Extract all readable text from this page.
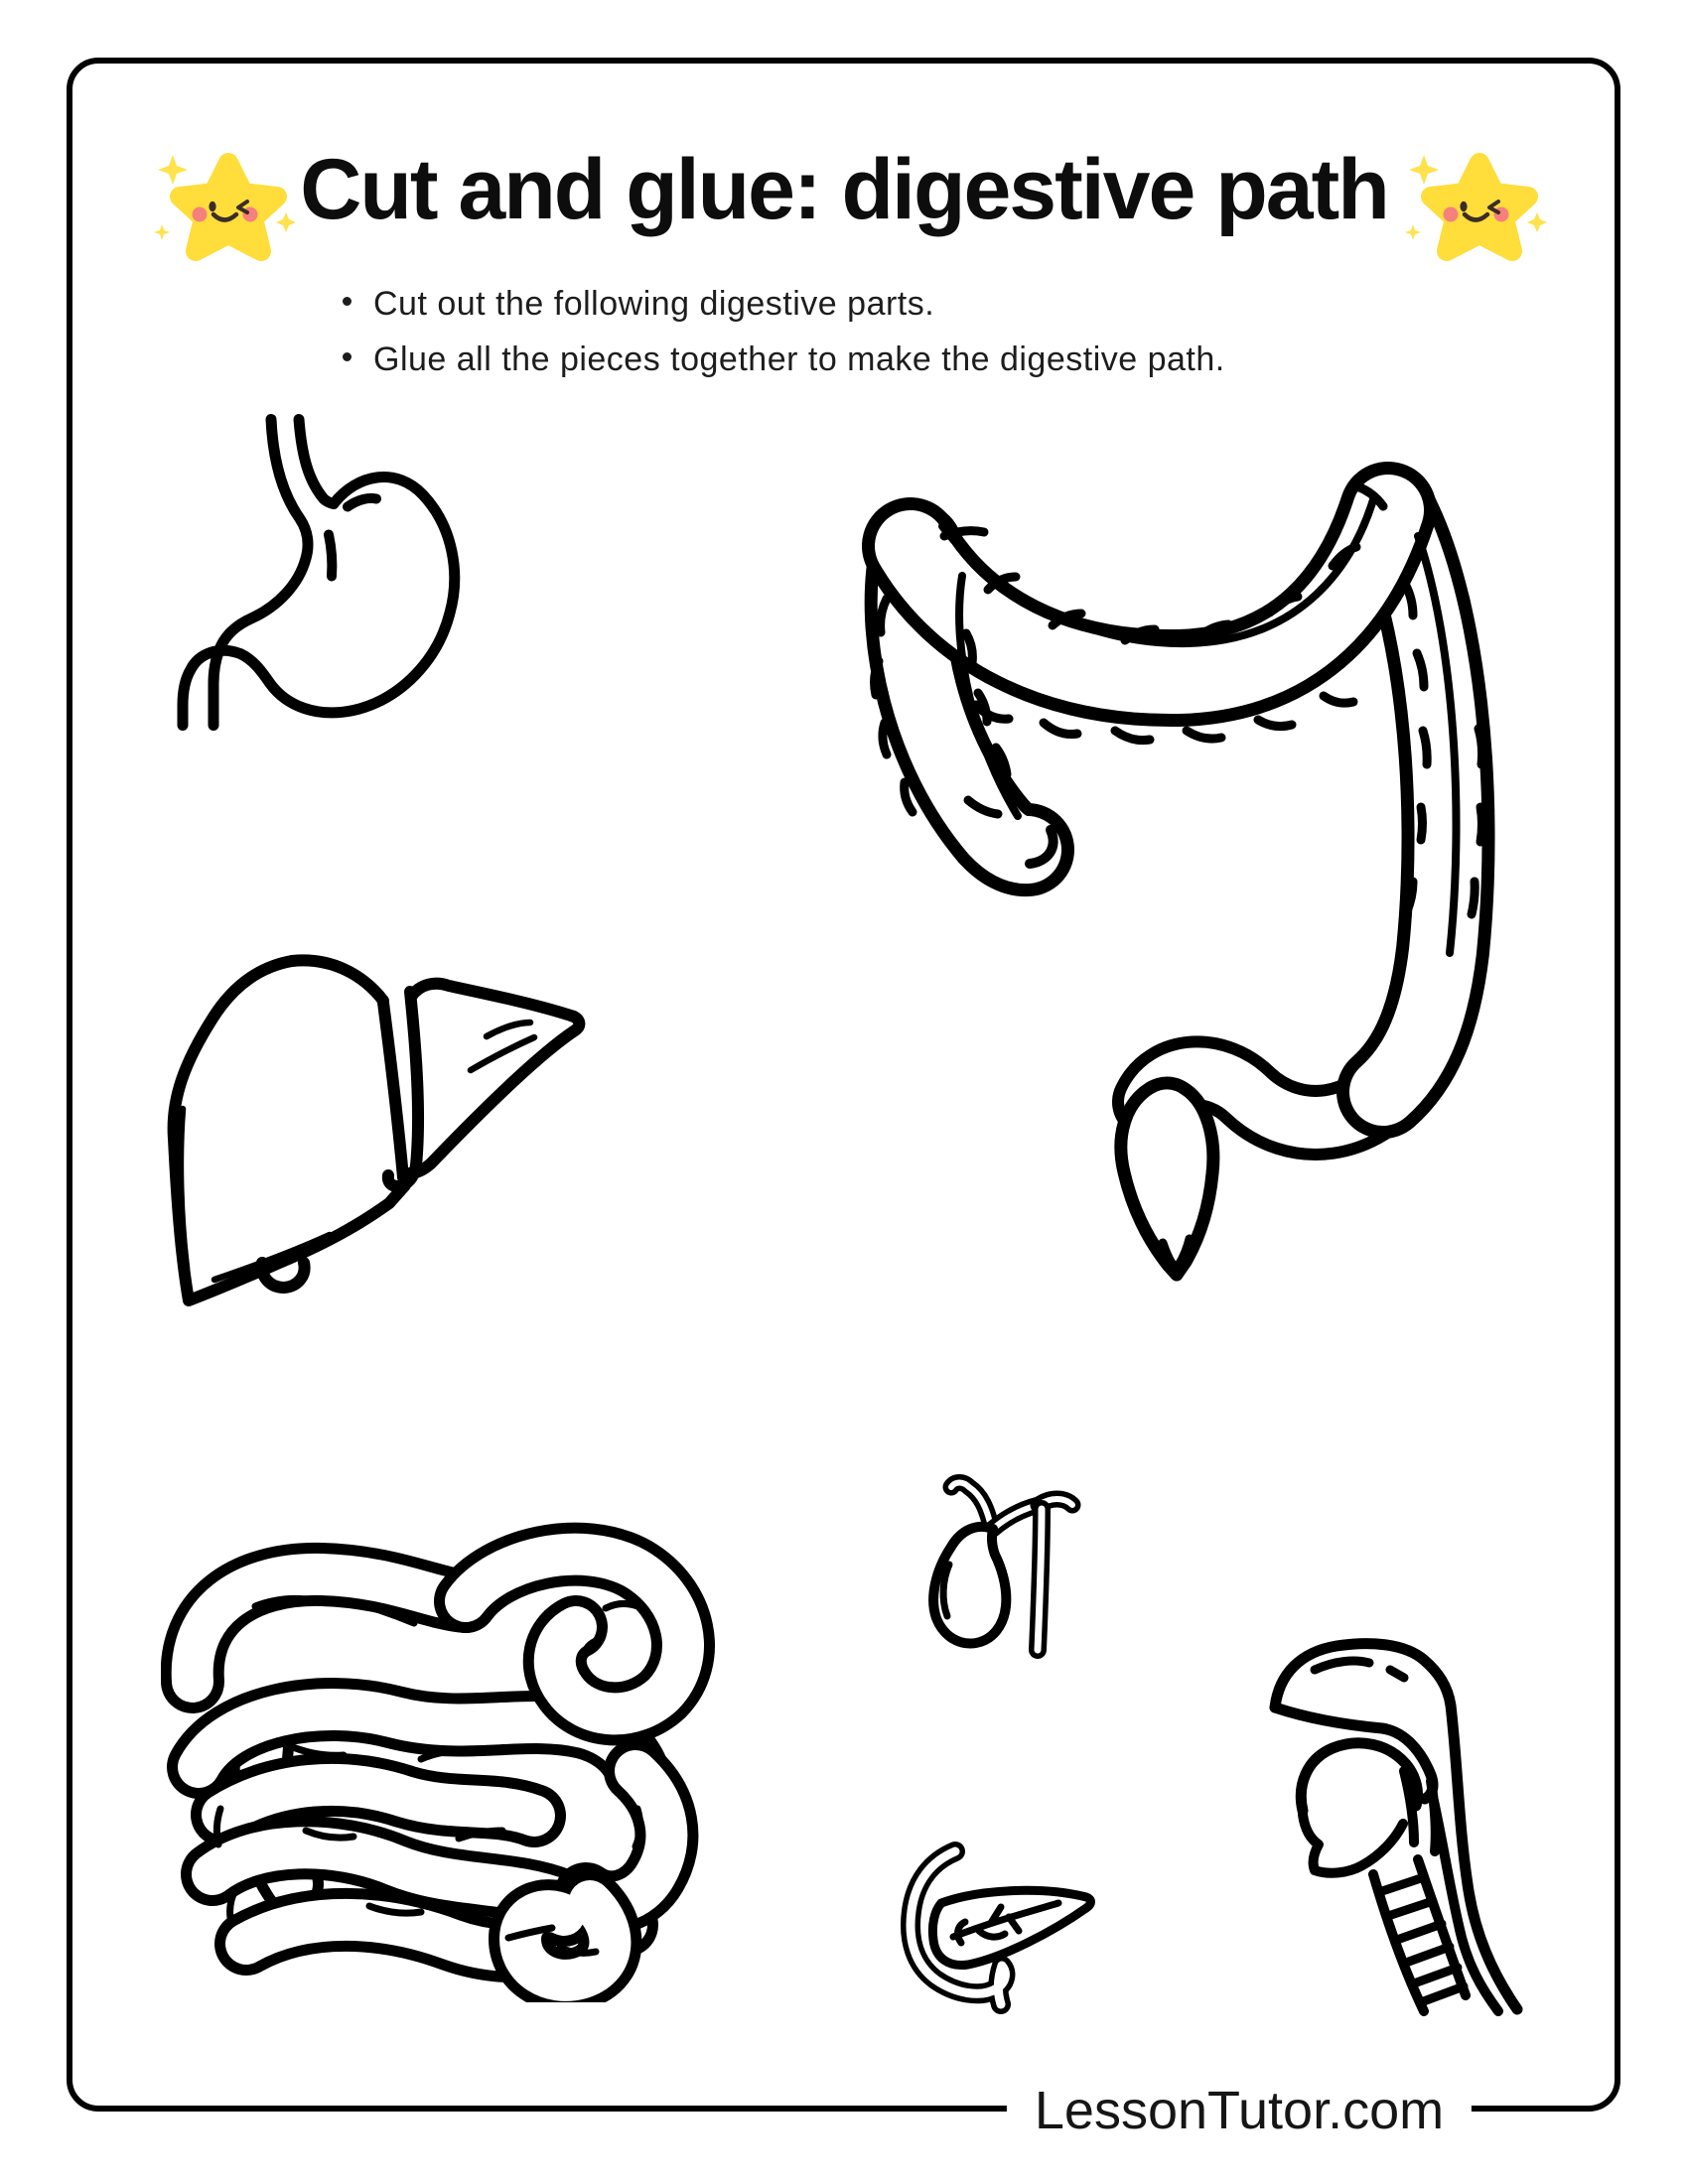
Cut and glue: digestive path
Cut out the following digestive parts.
Glue all the pieces together to make the digestive path.
LessonTutor.com
